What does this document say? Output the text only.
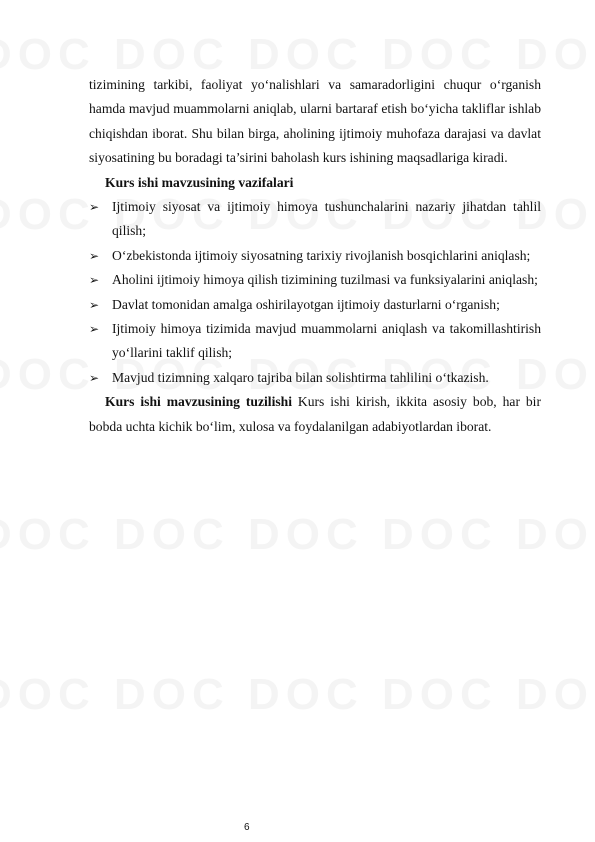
tizimining tarkibi, faoliyat yo‘nalishlari va samaradorligini chuqur o‘rganish hamda mavjud muammolarni aniqlab, ularni bartaraf etish bo‘yicha takliflar ishlab chiqishdan iborat. Shu bilan birga, aholining ijtimoiy muhofaza darajasi va davlat siyosatining bu boradagi ta’sirini baholash kurs ishining maqsadlariga kiradi.

Kurs ishi mavzusining vazifalari

➢ Ijtimoiy siyosat va ijtimoiy himoya tushunchalarini nazariy jihatdan tahlil qilish;
➢ O‘zbekistonda ijtimoiy siyosatning tarixiy rivojlanish bosqichlarini aniqlash;
➢ Aholini ijtimoiy himoya qilish tizimining tuzilmasi va funksiyalarini aniqlash;
➢ Davlat tomonidan amalga oshirilayotgan ijtimoiy dasturlarni o‘rganish;
➢ Ijtimoiy himoya tizimida mavjud muammolarni aniqlash va takomillashtirish yo‘llarini taklif qilish;
➢ Mavjud tizimning xalqaro tajriba bilan solishtirma tahlilini o‘tkazish.

Kurs ishi mavzusining tuzilishi Kurs ishi kirish, ikkita asosiy bob, har bir bobda uchta kichik bo‘lim, xulosa va foydalanilgan adabiyotlardan iborat.

6
